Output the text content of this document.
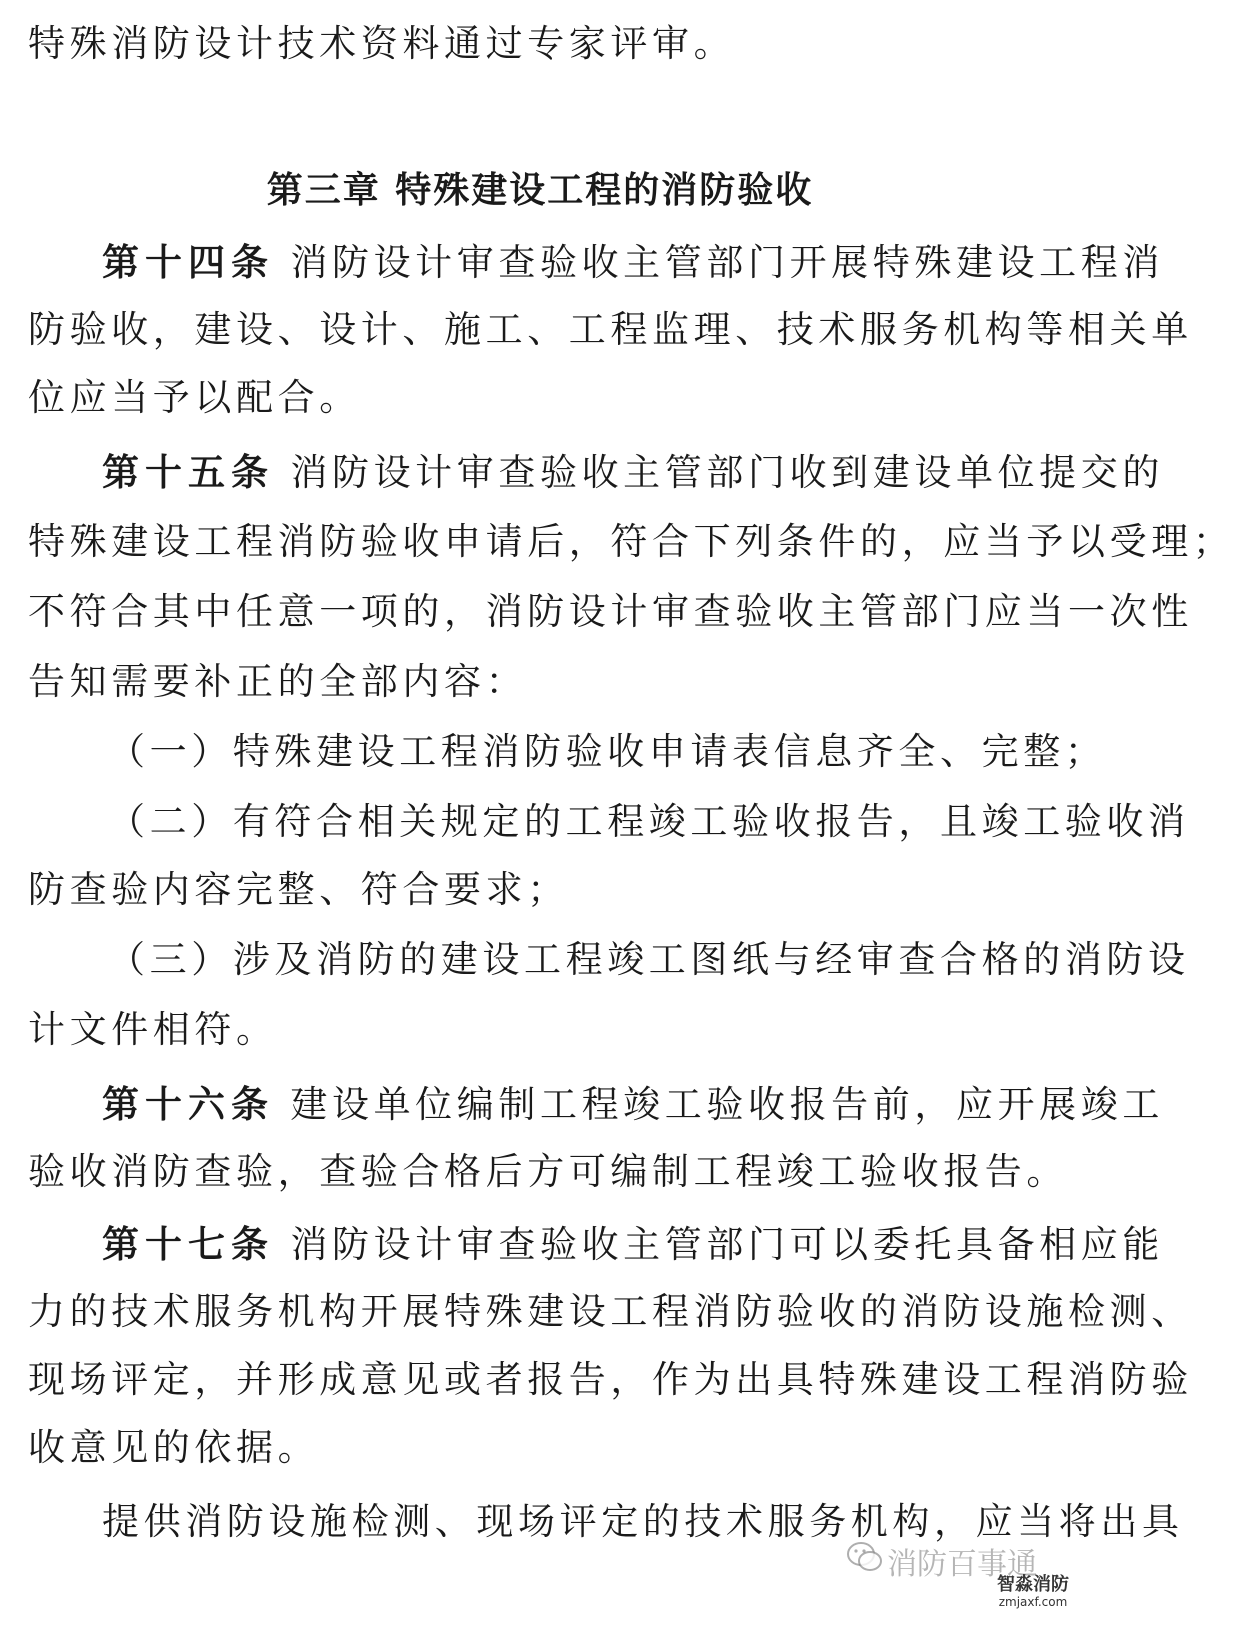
特殊消防设计技术资料通过专家评审。
第三章 特殊建设工程的消防验收
第十四条 消防设计审查验收主管部门开展特殊建设工程消
防验收，建设、设计、施工、工程监理、技术服务机构等相关单
位应当予以配合。
第十五条 消防设计审查验收主管部门收到建设单位提交的
特殊建设工程消防验收申请后，符合下列条件的，应当予以受理；
不符合其中任意一项的，消防设计审查验收主管部门应当一次性
告知需要补正的全部内容：
（一）特殊建设工程消防验收申请表信息齐全、完整；
（二）有符合相关规定的工程竣工验收报告，且竣工验收消
防查验内容完整、符合要求；
（三）涉及消防的建设工程竣工图纸与经审查合格的消防设
计文件相符。
第十六条 建设单位编制工程竣工验收报告前，应开展竣工
验收消防查验，查验合格后方可编制工程竣工验收报告。
第十七条 消防设计审查验收主管部门可以委托具备相应能
力的技术服务机构开展特殊建设工程消防验收的消防设施检测、
现场评定，并形成意见或者报告，作为出具特殊建设工程消防验
收意见的依据。
提供消防设施检测、现场评定的技术服务机构，应当将出具
消防百事通
智淼消防
zmjaxf.com
